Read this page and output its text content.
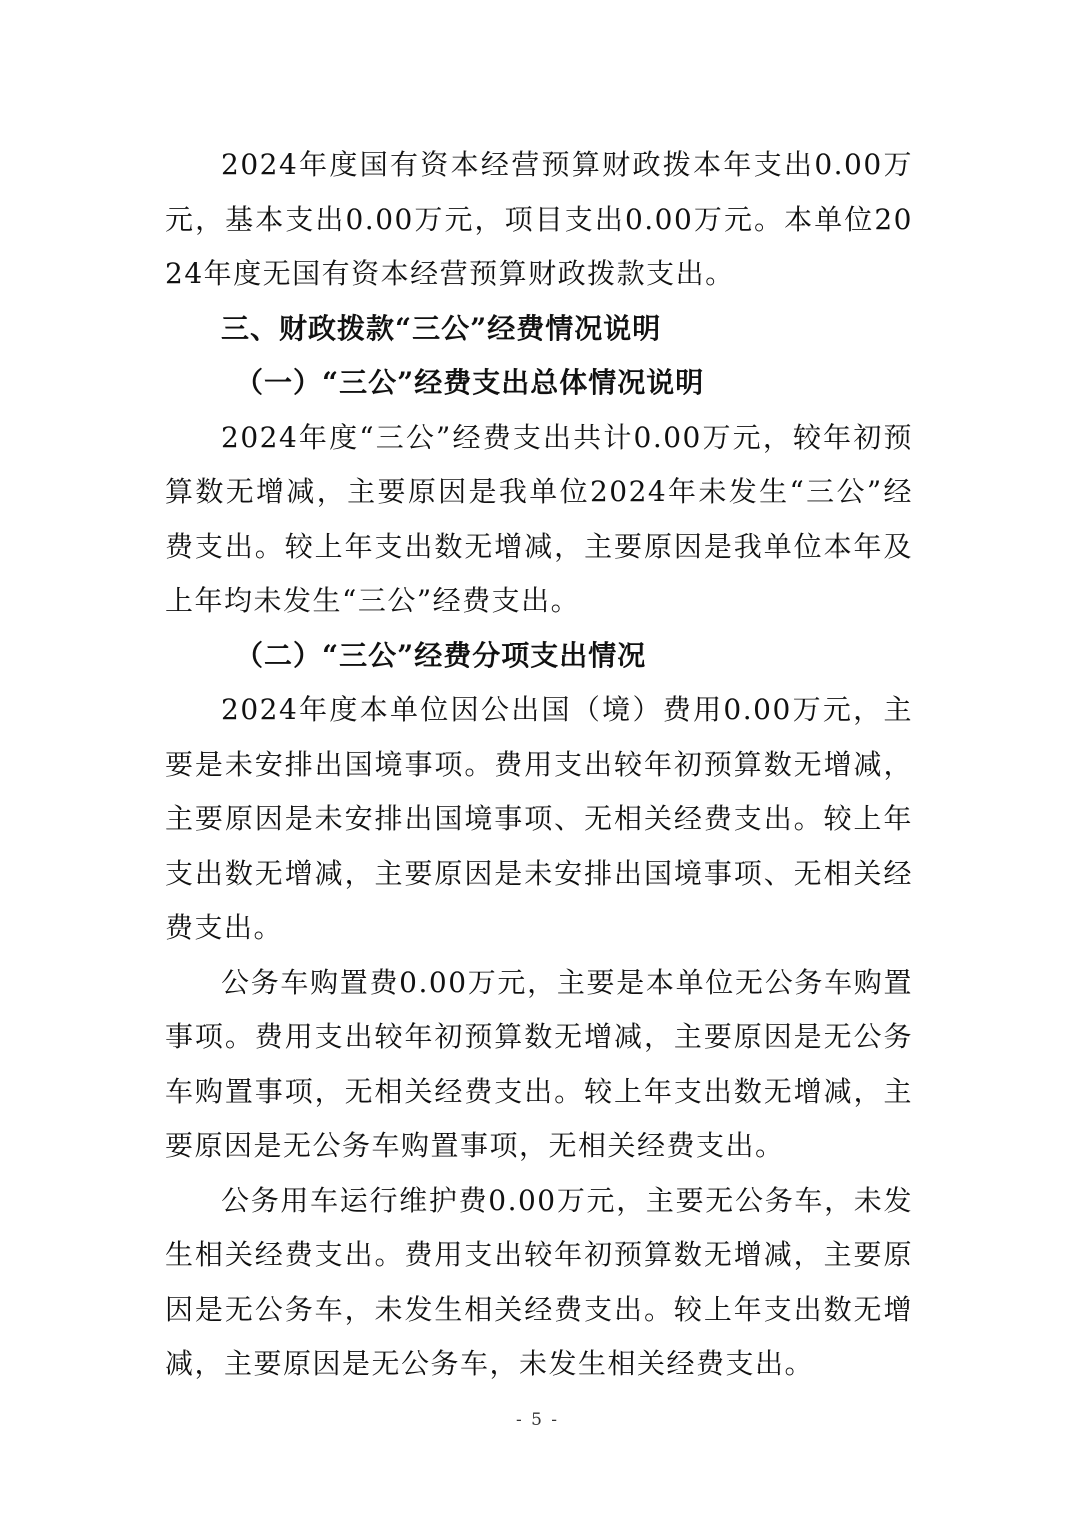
2024年度国有资本经营预算财政拨本年支出0.00万元，基本支出0.00万元，项目支出0.00万元。本单位2024年度无国有资本经营预算财政拨款支出。

三、财政拨款“三公”经费情况说明

（一）“三公”经费支出总体情况说明

2024年度“三公”经费支出共计0.00万元，较年初预算数无增减，主要原因是我单位2024年未发生“三公”经费支出。较上年支出数无增减，主要原因是我单位本年及上年均未发生“三公”经费支出。

（二）“三公”经费分项支出情况

2024年度本单位因公出国（境）费用0.00万元，主要是未安排出国境事项。费用支出较年初预算数无增减，主要原因是未安排出国境事项、无相关经费支出。较上年支出数无增减，主要原因是未安排出国境事项、无相关经费支出。

公务车购置费0.00万元，主要是本单位无公务车购置事项。费用支出较年初预算数无增减，主要原因是无公务车购置事项，无相关经费支出。较上年支出数无增减，主要原因是无公务车购置事项，无相关经费支出。

公务用车运行维护费0.00万元，主要无公务车，未发生相关经费支出。费用支出较年初预算数无增减，主要原因是无公务车，未发生相关经费支出。较上年支出数无增减，主要原因是无公务车，未发生相关经费支出。

- 5 -
